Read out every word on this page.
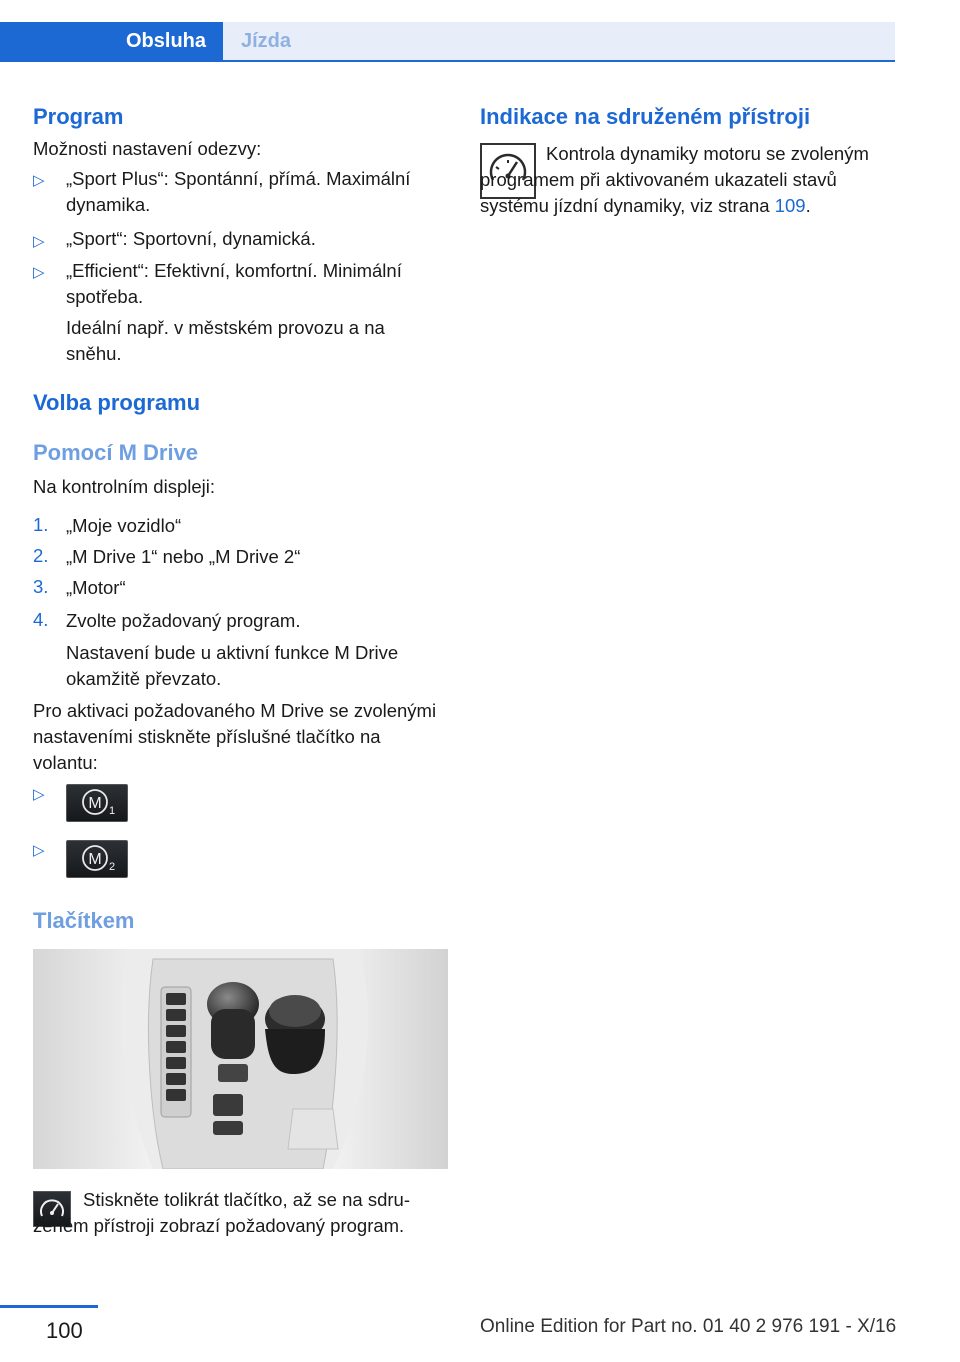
Obsluha Jízda
Program
Možnosti nastavení odezvy:
▷ „Sport Plus“: Spontánní, přímá. Maximální dynamika.
▷ „Sport“: Sportovní, dynamická.
▷ „Efficient“: Efektivní, komfortní. Minimální spotřeba.
Ideální např. v městském provozu a na sněhu.
Volba programu
Pomocí M Drive
Na kontrolním displeji:
1. „Moje vozidlo“
2. „M Drive 1“ nebo „M Drive 2“
3. „Motor“
4. Zvolte požadovaný program.
Nastavení bude u aktivní funkce M Drive okamžitě převzato.
Pro aktivaci požadovaného M Drive se zvolenými nastaveními stiskněte příslušné tlačítko na volantu:
▷
M 1
▷
M 2
Tlačítkem
Stiskněte tolikrát tlačítko, až se na sdruženém přístroji zobrazí požadovaný program.
Indikace na sdruženém přístroji
Kontrola dynamiky motoru se zvoleným programem při aktivovaném ukazateli stavů systému jízdní dynamiky, viz strana 109.
100	Online Edition for Part no. 01 40 2 976 191 - X/16
